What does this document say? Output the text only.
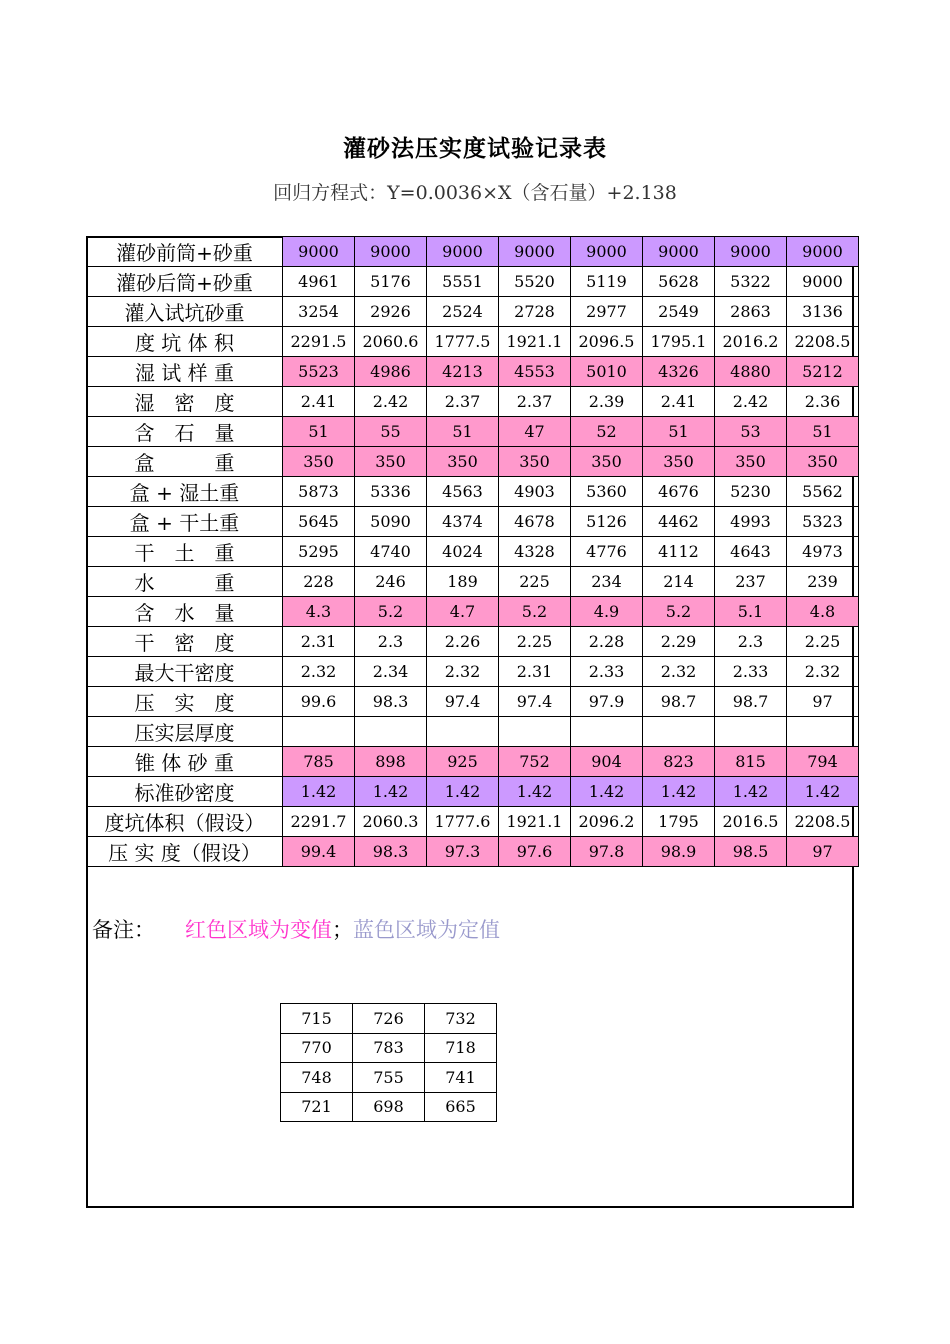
灌砂法压实度试验记录表
回归方程式：Y=0.0036×X（含石量）+2.138
灌砂前筒+砂重	9000	9000	9000	9000	9000	9000	9000	9000
灌砂后筒+砂重	4961	5176	5551	5520	5119	5628	5322	9000
灌入试坑砂重	3254	2926	2524	2728	2977	2549	2863	3136
度 坑 体 积	2291.5	2060.6	1777.5	1921.1	2096.5	1795.1	2016.2	2208.5
湿 试 样 重	5523	4986	4213	4553	5010	4326	4880	5212
湿　密　度	2.41	2.42	2.37	2.37	2.39	2.41	2.42	2.36
含　石　量	51	55	51	47	52	51	53	51
盒　　　重	350	350	350	350	350	350	350	350
盒 + 湿土重	5873	5336	4563	4903	5360	4676	5230	5562
盒 + 干土重	5645	5090	4374	4678	5126	4462	4993	5323
干　土　重	5295	4740	4024	4328	4776	4112	4643	4973
水　　　重	228	246	189	225	234	214	237	239
含　水　量	4.3	5.2	4.7	5.2	4.9	5.2	5.1	4.8
干　密　度	2.31	2.3	2.26	2.25	2.28	2.29	2.3	2.25
最大干密度	2.32	2.34	2.32	2.31	2.33	2.32	2.33	2.32
压　实　度	99.6	98.3	97.4	97.4	97.9	98.7	98.7	97
压实层厚度								
锥 体 砂 重	785	898	925	752	904	823	815	794
标准砂密度	1.42	1.42	1.42	1.42	1.42	1.42	1.42	1.42
度坑体积（假设）	2291.7	2060.3	1777.6	1921.1	2096.2	1795	2016.5	2208.5
压 实 度（假设）	99.4	98.3	97.3	97.6	97.8	98.9	98.5	97
备注： 红色区域为变值；蓝色区域为定值
715	726	732
770	783	718
748	755	741
721	698	665
